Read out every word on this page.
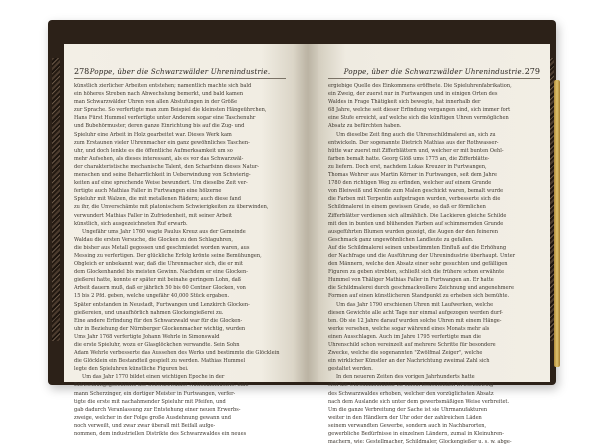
278 Poppe, über die Schwarzwälder Uhrenindustrie.
künstlich zierlicher Arbeiten entstehen; namentlich machte sich bald
ein höheres Streben nach Abwechslung bemerkt, und bald kamen
man Schwarzwälder Uhren von allen Abstufungen in der Größe
zur Sprache. So verfertigte man zum Beispiel die kleinsten Hängeührchen,
Hans Fürst Hummel verfertigte unter Anderem sogar eine Taschenuhr
und Bubehörmuster, deren ganze Einrichtung bis auf die Zug- und
Spieluhr eine Arbeit in Holz gearbeitet war. Dieses Werk kam
zum Erstaunen vieler Uhrenmacher ein ganz gewöhnliches Taschen-
uhr, und doch lenkte es die öffentliche Aufmerksamkeit um so
mehr Aufsehen, als dieses interessant, als es vor das Schwarzwäl-
der charakteristische mechanische Talent, den Scharfsinn dieses Natur-
menschen und seine Beharrlichkeit in Ueberwindung von Schwierig-
keiten auf eine sprechende Weise bewundert. Um dieselbe Zeit ver-
fertigte auch Mathias Faller in Furtwangen eine hölzerne
Spieluhr mit Walzen, die mit metallenen Rädern; auch diese fand
zu ihr, die Unverschämte mit platonischem Schwierigkeiten zu überwinden,
verwundert Mathias Faller in Zufriedenheit, mit seiner Arbeit
künstlich, sich ausgezeichneten Ruf erwarb.
Ungefähr ums Jahr 1760 wagte Paulus Kreuz aus der Gemeinde
Waldau die ersten Versuche, die Glocken zu den Schlaguhren,
die bisher aus Metall gegossen und geschmiedet worden waren, aus
Messing zu verfertigen. Der glückliche Erfolg krönte seine Bemühungen,
Obgleich er unbekannt war, daß die Uhrenmacher sich, die er mit
dem Glockenhandel bis meisten Gewinn. Nachdem er eine Glocken-
gießerei hatte, konnte er später mit beinahe geringem Lohn, daß
Arbeit dauern muß, daß er jährlich 50 bis 60 Centner Glocken, von
15 bis 2 Pfd. geben, welche ungefähr 40,000 Stück ergaben.
Später entstanden in Neustadt, Furtwangen und Lenzkirch Glocken-
gießereien, und unaufhörlich nahmen Glockengießerei zu.
Eine andere Erfindung für den Schwarzwald war für die Glocken-
uhr in Beziehung der Nürnberger Glockenmacher wichtig, wurden
Ums Jahr 1768 verfertigte Johann Wehrle in Simonswald
die erste Spieluhr, wozu er Glasglöckchen verwandte. Sein Sohn
Adam Wehrle verbesserte das Aussehen des Werks und bestimmte die Glöcklein
die Glöcklein ein Bestandteil gespielt zu werden. Mathias Hummel
legte den Spieluhren künstliche Figuren bei.
Um das Jahr 1770 bildet einen wichtigen Epoche in der
Entwicklungsgeschichte der Schwarzwälder Nationalindustrie. Sale-
mann Scherzinger, ein dortiger Meister in Furtwangen, verfer-
tigte die erste mit nachahmender Spieluhr mit Pfeifen, und
gab dadurch Veranlassung zur Entstehung einer neuen Erwerbs-
zweige, welcher in der Folge große Ausdehnung gewann und
noch verweilt, und zwar zwar überall mit Beifall aufge-
nommen, dem industriellen Distrikte des Schwarzwaldes ein neues
Poppe, über die Schwarzwälder Uhrenindustrie. 279
ergiebige Quelle des Einkommens eröffnete. Die Spieluhrenfabrikation,
ein Zweig, der zuerst nur in Furtwangen und in einigen Orten des
Waldes in Frage Thätigkeit sich bewegte, hat innerhalb der
68 Jahre, welche seit dieser Erfindung vergangen sind, sich immer fort
eine Stufe erreicht, auf welche sich die künftigen Uhren vermöglichen
Absatz zu befürchten haben.
Um dieselbe Zeit fing auch die Uhrenschildmalerei an, sich zu
entwickeln. Der sogenannte Dietrich Mathias aus der Rothwasser-
hütte war zuerst mit Zifferblättern und, welcher er mit bunten Oehl-
farben bemalt hatte. Georg Glöß ums 1775 an, die Zifferblätte-
zu liefern. Doch erst, nachdem Lukas Kreuzer in Furtwangen,
Thomas Wehrer aus Martin Körner in Furtwangen, seit dem Jahre
1780 den richtigen Weg zu erfinden, welcher auf einem Grunde
von Bleiweiß und Kreide zum Malen geschickt waren, bemalt wurde
die Farben mit Terpentin aufgetragen wurden, verbesserte sich die
Schildmalerei in einem gewissen Grade, so daß er förmlichen
Zifferblätter verdienen sich allmählich. Die Lackieren gleiche Schilde
mit den in bunten und blühenden Farben auf schimmernden Grunde
ausgeführten Blumen wurden gezeigt, die Augen der den feineren
Geschmack ganz ungewöhnlichen Landleute zu gefallen.
Auf die Schildmalerei seinen unbestimmten Einfluß auf die Erhöhung
der Nachfrage und die Ausführung der Uhrenindustrie überhaupt. Unter
den Männern, welche den Absatz einer sehr gesuchten und gefälligen
Figuren zu geben strebten, schließt sich die frühere schon erwähnte
Hummel von Thäliger Mathias Faller in Furtwangen an. Er hatte
die Schildmalerei durch geschmackvollere Zeichnung und angenehmere
Formen auf einen künstlicheren Standpunkt zu erheben sich bemühte.
Um das Jahr 1790 erschienen Uhren mit Laufwerken, welche
diesen Gewichte alle acht Tage nur einmal aufgezogen werden durf-
ten. Ob sie 12 Jahre darauf wurden solche Uhren mit einem Hänge-
werke versehen, welche sogar während eines Monats mehr als
einen Ausschlagen. Auch im Jahre 1795 verfertigte man die
Uhrenschild schon vereinzelt auf mehrere Schritte für besondere
Zwecke, welche die sogenannten "Zwölfmal Zeiger", welche
ein wirklicher Künstler an der Nachrichtung zweimal Zahl sich
gestaltet werden.
In den neueren Zeiten des vorigen Jahrhunderts hatte
sich die Uhrenmanufaktur zu einem bedeutenden Erwerbszweig
des Schwarzwaldes erhoben, welcher den vorzüglichsten Absatz
nach dem Auslande sich unter dem gewerbsmäßigen Weise verbreitet.
Um die ganze Verbreitung der Sache ist sie Uhrmanufakturen
weiter in den Händlern der Uhr oder der zahlreichen Läden
seinem verwandten Gewerbe, sondern auch in Nachbarorten,
gewerbliche Bedürfnisse in einzelnen Ländern, zumal in Kleinuhren-
machern, wie: Gestellmacher, Schildmaler, Glockengießer u. s. w. abge-
